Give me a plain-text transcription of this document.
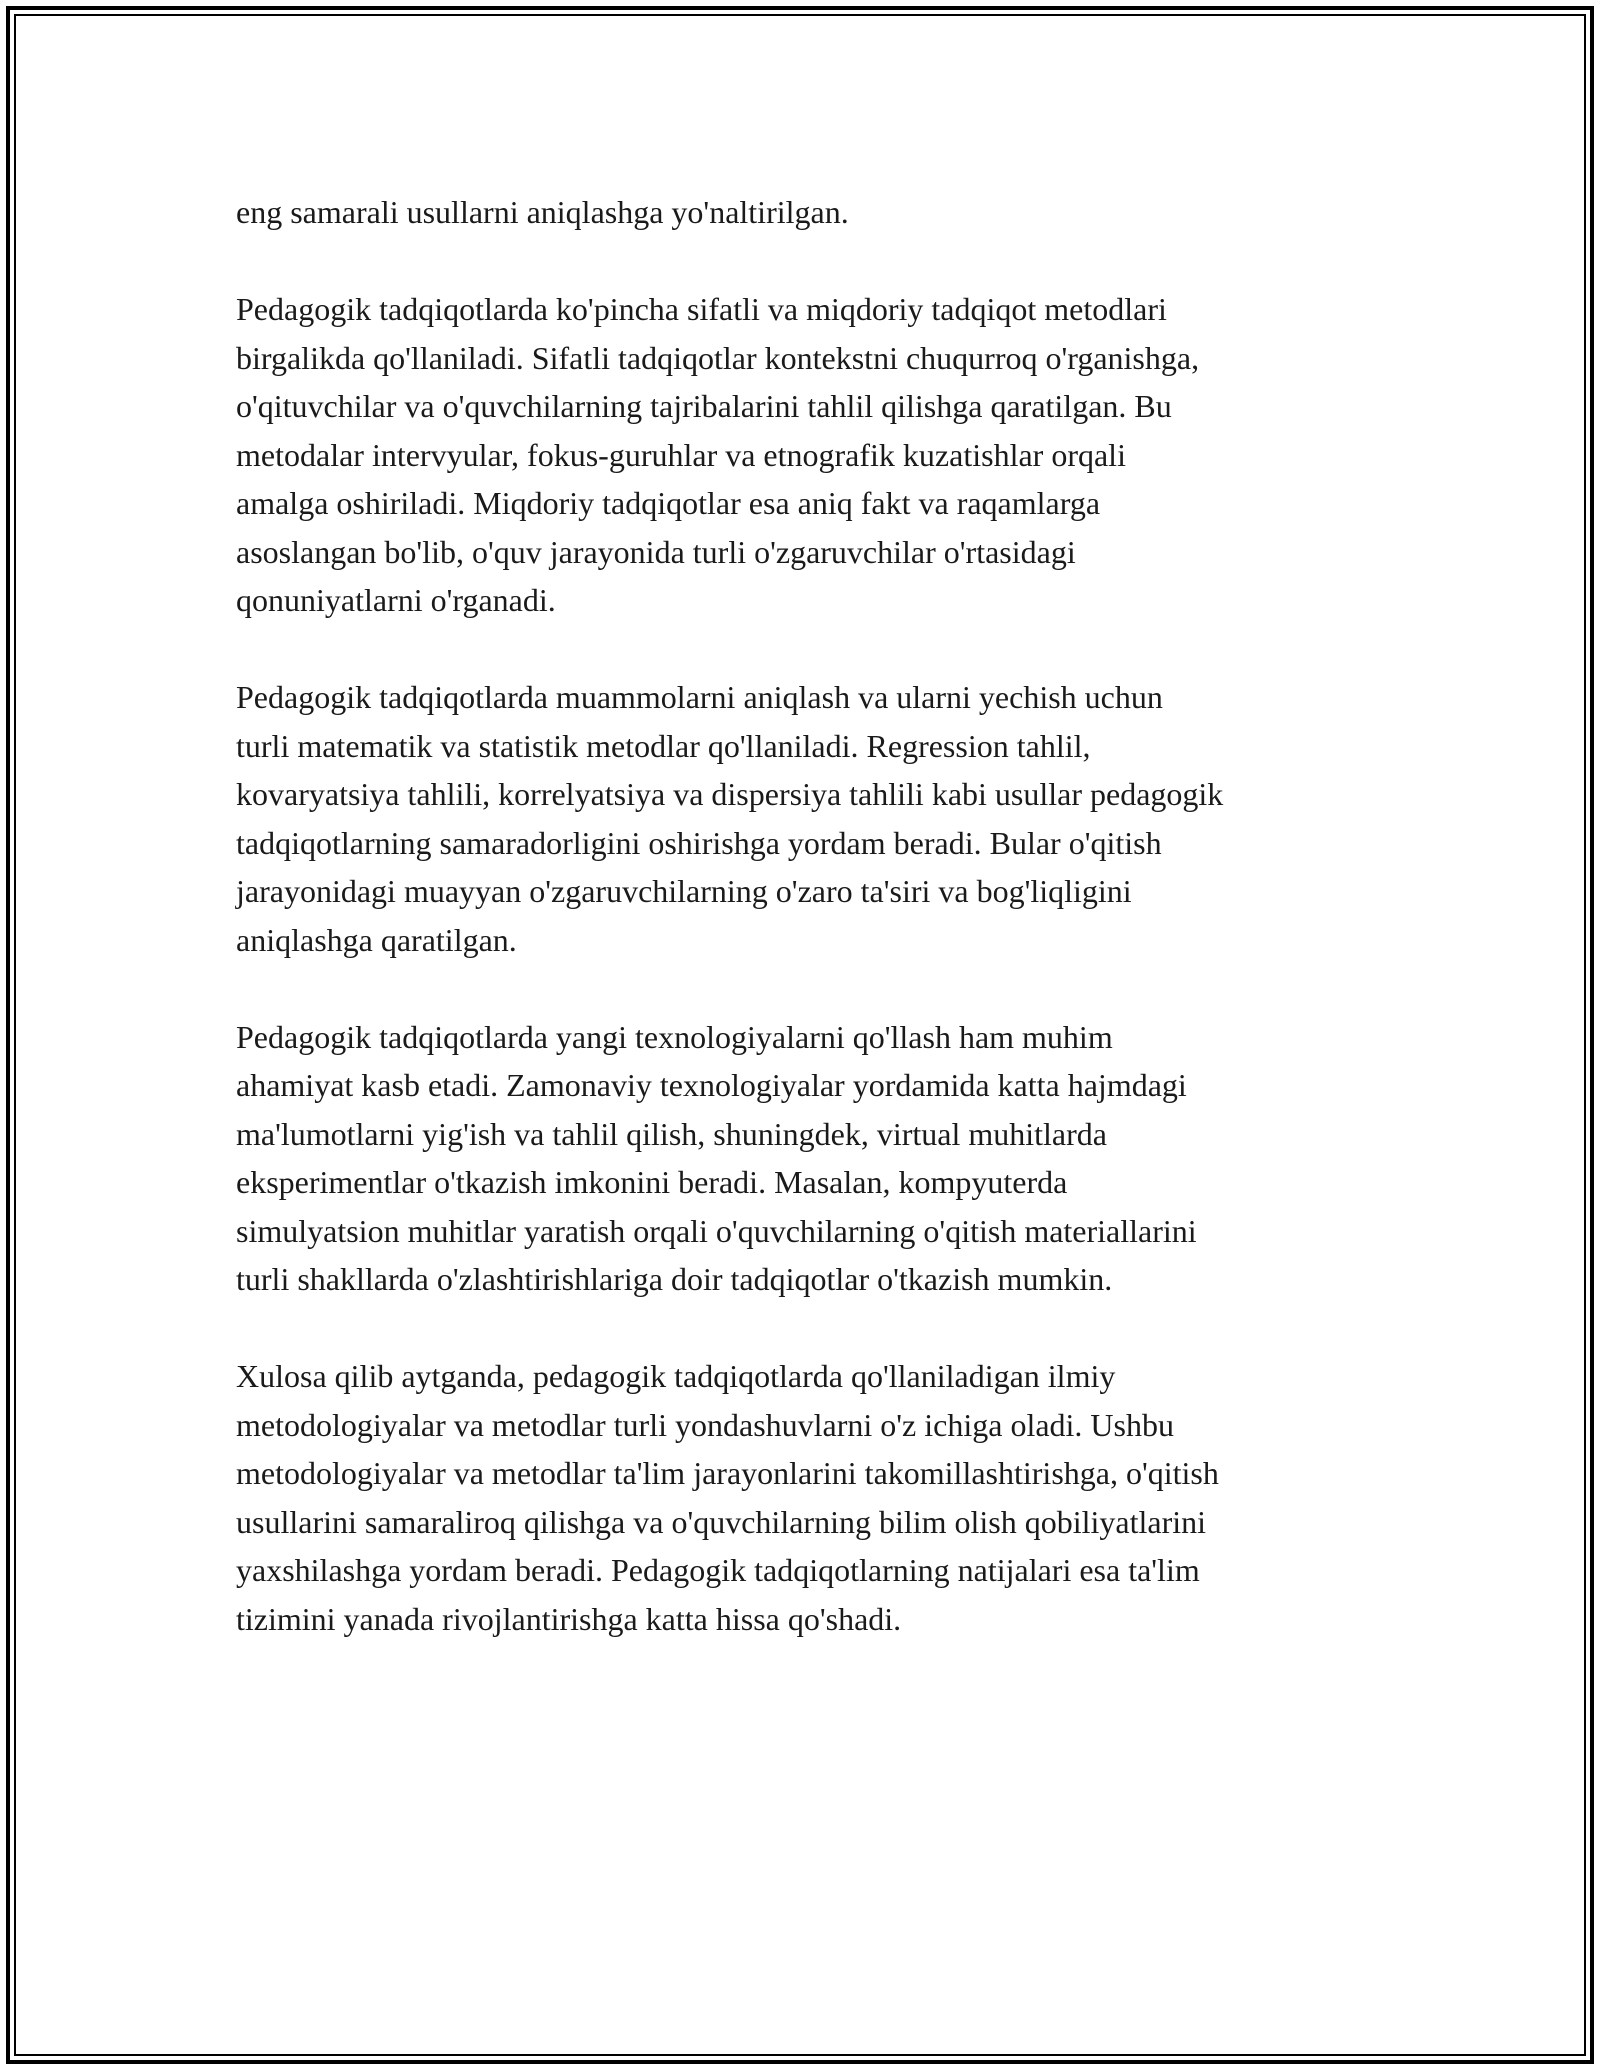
eng samarali usullarni aniqlashga yo'naltirilgan.

Pedagogik tadqiqotlarda ko'pincha sifatli va miqdoriy tadqiqot metodlari
birgalikda qo'llaniladi. Sifatli tadqiqotlar kontekstni chuqurroq o'rganishga,
o'qituvchilar va o'quvchilarning tajribalarini tahlil qilishga qaratilgan. Bu
metodalar intervyular, fokus-guruhlar va etnografik kuzatishlar orqali
amalga oshiriladi. Miqdoriy tadqiqotlar esa aniq fakt va raqamlarga
asoslangan bo'lib, o'quv jarayonida turli o'zgaruvchilar o'rtasidagi
qonuniyatlarni o'rganadi.

Pedagogik tadqiqotlarda muammolarni aniqlash va ularni yechish uchun
turli matematik va statistik metodlar qo'llaniladi. Regression tahlil,
kovaryatsiya tahlili, korrelyatsiya va dispersiya tahlili kabi usullar pedagogik
tadqiqotlarning samaradorligini oshirishga yordam beradi. Bular o'qitish
jarayonidagi muayyan o'zgaruvchilarning o'zaro ta'siri va bog'liqligini
aniqlashga qaratilgan.

Pedagogik tadqiqotlarda yangi texnologiyalarni qo'llash ham muhim
ahamiyat kasb etadi. Zamonaviy texnologiyalar yordamida katta hajmdagi
ma'lumotlarni yig'ish va tahlil qilish, shuningdek, virtual muhitlarda
eksperimentlar o'tkazish imkonini beradi. Masalan, kompyuterda
simulyatsion muhitlar yaratish orqali o'quvchilarning o'qitish materiallarini
turli shakllarda o'zlashtirishlariga doir tadqiqotlar o'tkazish mumkin.

Xulosa qilib aytganda, pedagogik tadqiqotlarda qo'llaniladigan ilmiy
metodologiyalar va metodlar turli yondashuvlarni o'z ichiga oladi. Ushbu
metodologiyalar va metodlar ta'lim jarayonlarini takomillashtirishga, o'qitish
usullarini samaraliroq qilishga va o'quvchilarning bilim olish qobiliyatlarini
yaxshilashga yordam beradi. Pedagogik tadqiqotlarning natijalari esa ta'lim
tizimini yanada rivojlantirishga katta hissa qo'shadi.
